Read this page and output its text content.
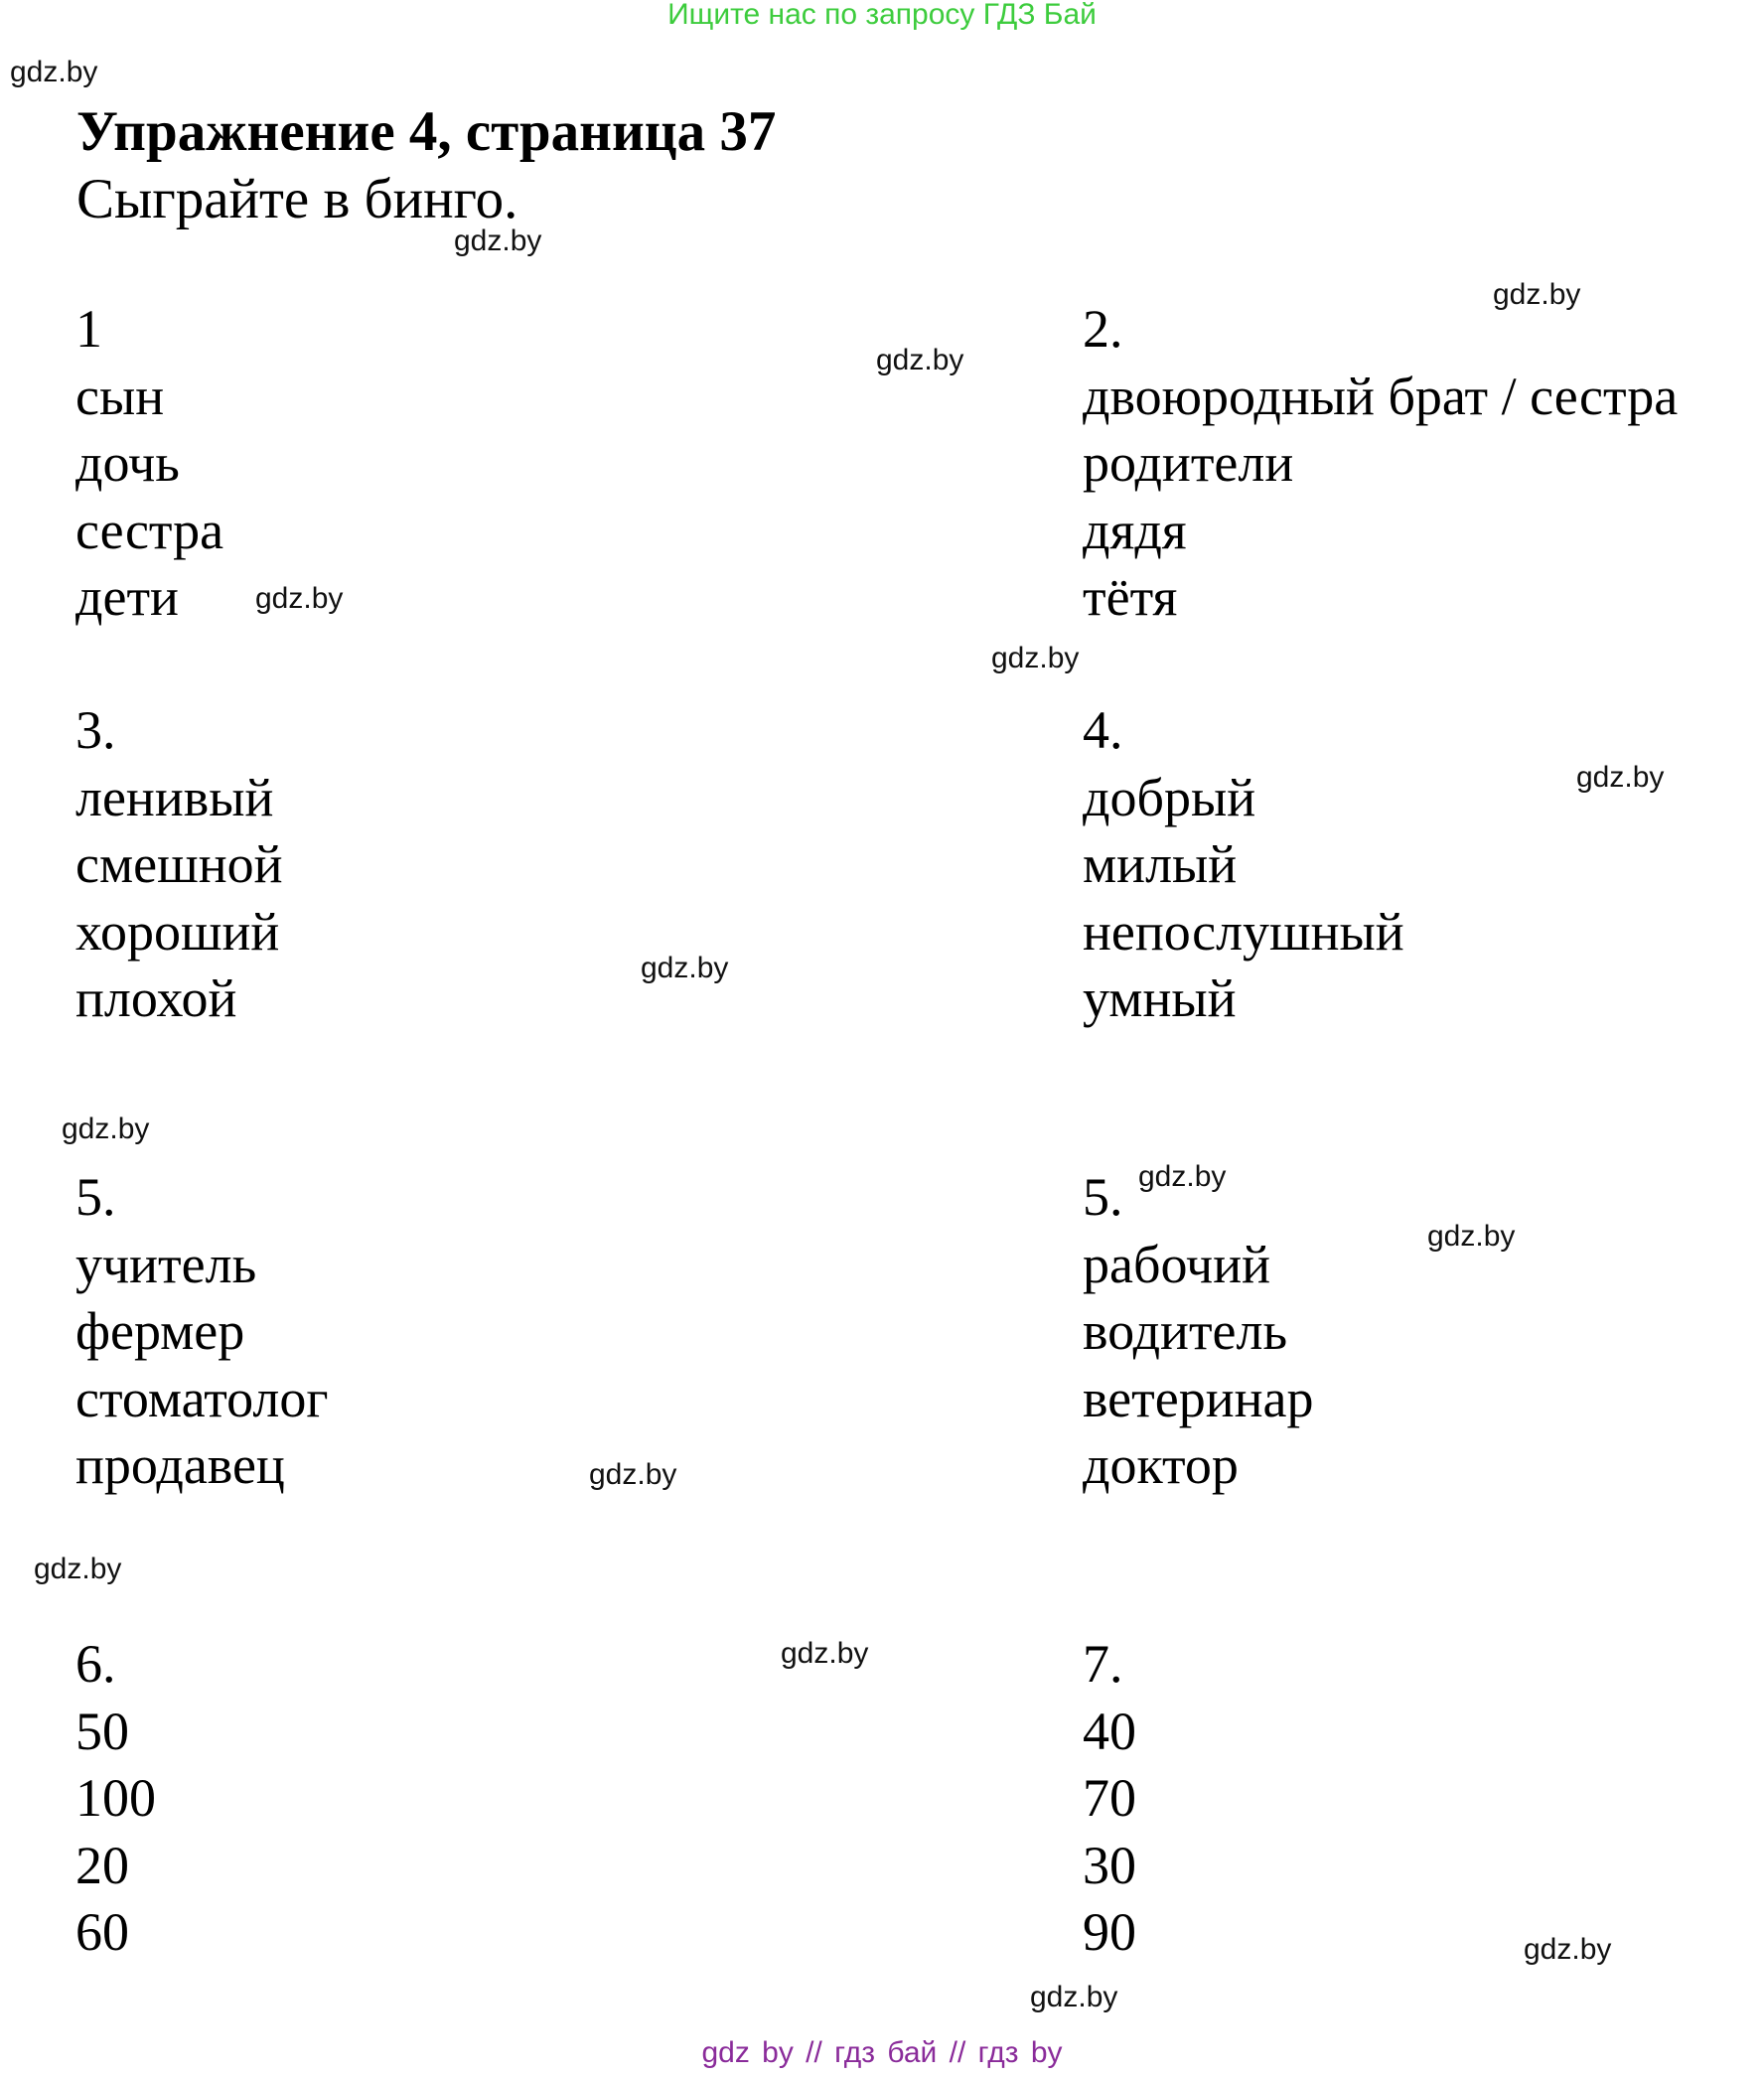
Ищите нас по запросу ГДЗ Бай
gdz.by
gdz.by
gdz.by
gdz.by
gdz.by
gdz.by
gdz.by
gdz.by
gdz.by
gdz.by
gdz.by
gdz.by
gdz.by
gdz.by
gdz.by
gdz.by
Упражнение 4, страница 37
Сыграйте в бинго.
1
сын
дочь
сестра
дети
2.
двоюродный брат / сестра
родители
дядя
тётя
3.
ленивый
смешной
хороший
плохой
4.
добрый
милый
непослушный
умный
5.
учитель
фермер
стоматолог
продавец
5.
рабочий
водитель
ветеринар
доктор
6.
50
100
20
60
7.
40
70
30
90
gdz by // гдз бай // гдз by
